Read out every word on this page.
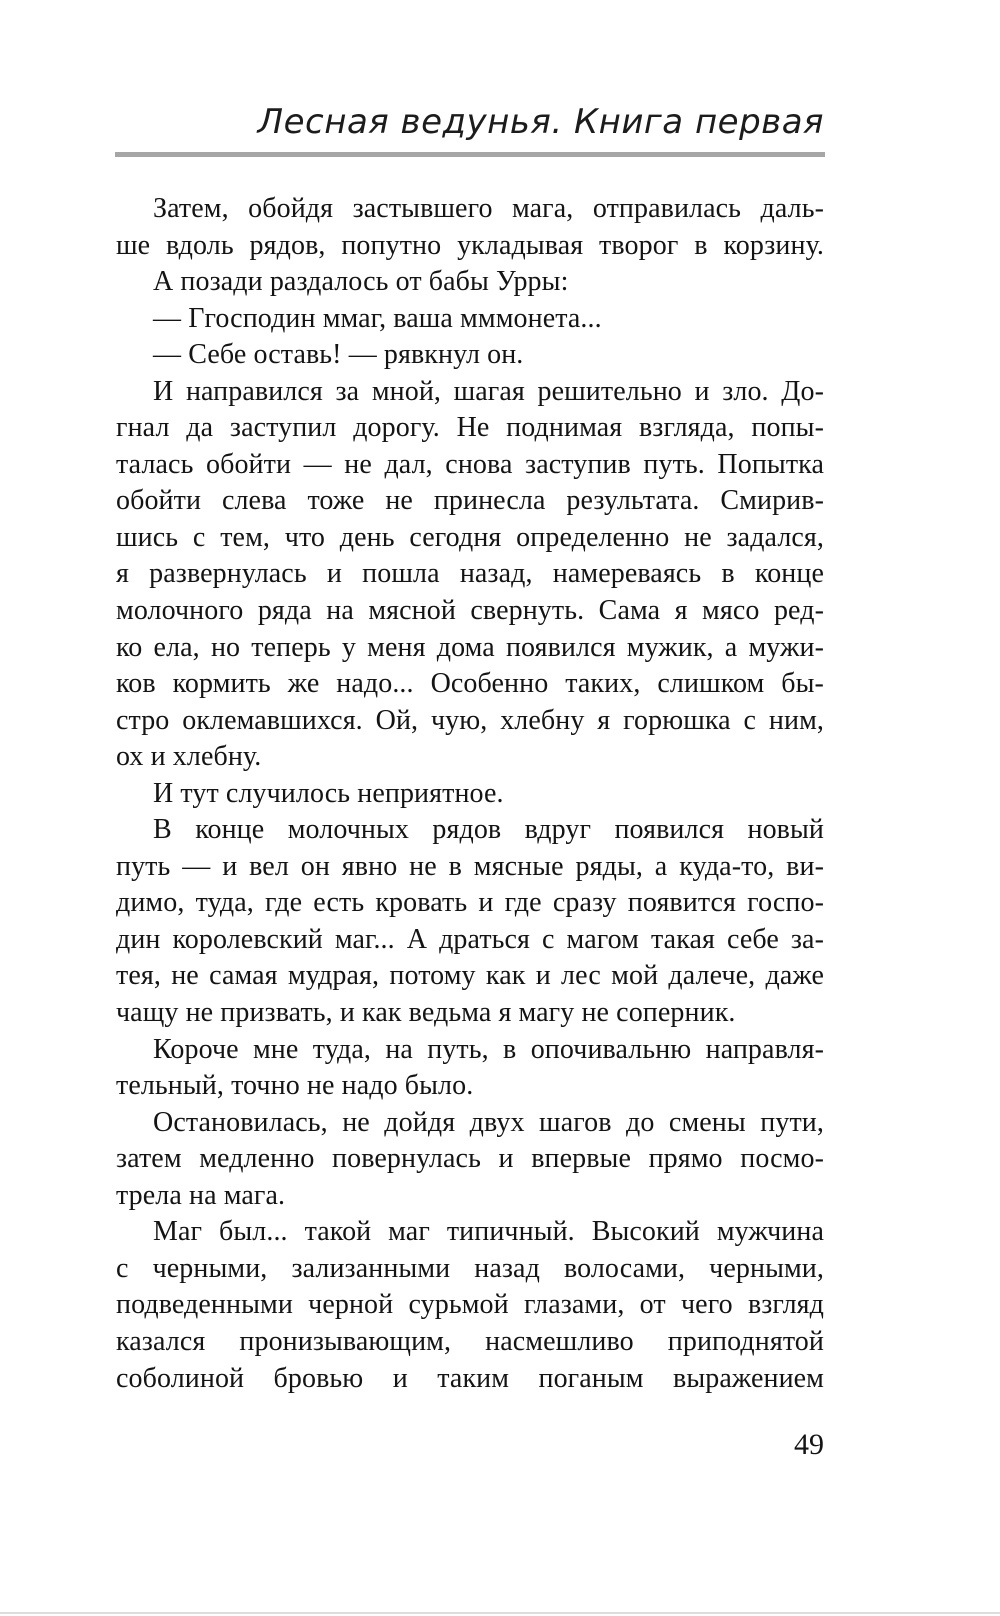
Лесная ведунья. Книга первая
Затем, обойдя застывшего мага, отправилась даль-
ше вдоль рядов, попутно укладывая творог в корзину.
А позади раздалось от бабы Урры:
— Ггосподин ммаг, ваша мммонета...
— Себе оставь! — рявкнул он.
И направился за мной, шагая решительно и зло. До-
гнал да заступил дорогу. Не поднимая взгляда, попы-
талась обойти — не дал, снова заступив путь. Попытка
обойти слева тоже не принесла результата. Смирив-
шись с тем, что день сегодня определенно не задался,
я развернулась и пошла назад, намереваясь в конце
молочного ряда на мясной свернуть. Сама я мясо ред-
ко ела, но теперь у меня дома появился мужик, а мужи-
ков кормить же надо... Особенно таких, слишком бы-
стро оклемавшихся. Ой, чую, хлебну я горюшка с ним,
ох и хлебну.
И тут случилось неприятное.
В конце молочных рядов вдруг появился новый
путь — и вел он явно не в мясные ряды, а куда-то, ви-
димо, туда, где есть кровать и где сразу появится госпо-
дин королевский маг... А драться с магом такая себе за-
тея, не самая мудрая, потому как и лес мой далече, даже
чащу не призвать, и как ведьма я магу не соперник.
Короче мне туда, на путь, в опочивальню направля-
тельный, точно не надо было.
Остановилась, не дойдя двух шагов до смены пути,
затем медленно повернулась и впервые прямо посмо-
трела на мага.
Маг был... такой маг типичный. Высокий мужчина
с черными, зализанными назад волосами, черными,
подведенными черной сурьмой глазами, от чего взгляд
казался пронизывающим, насмешливо приподнятой
соболиной бровью и таким поганым выражением
49
